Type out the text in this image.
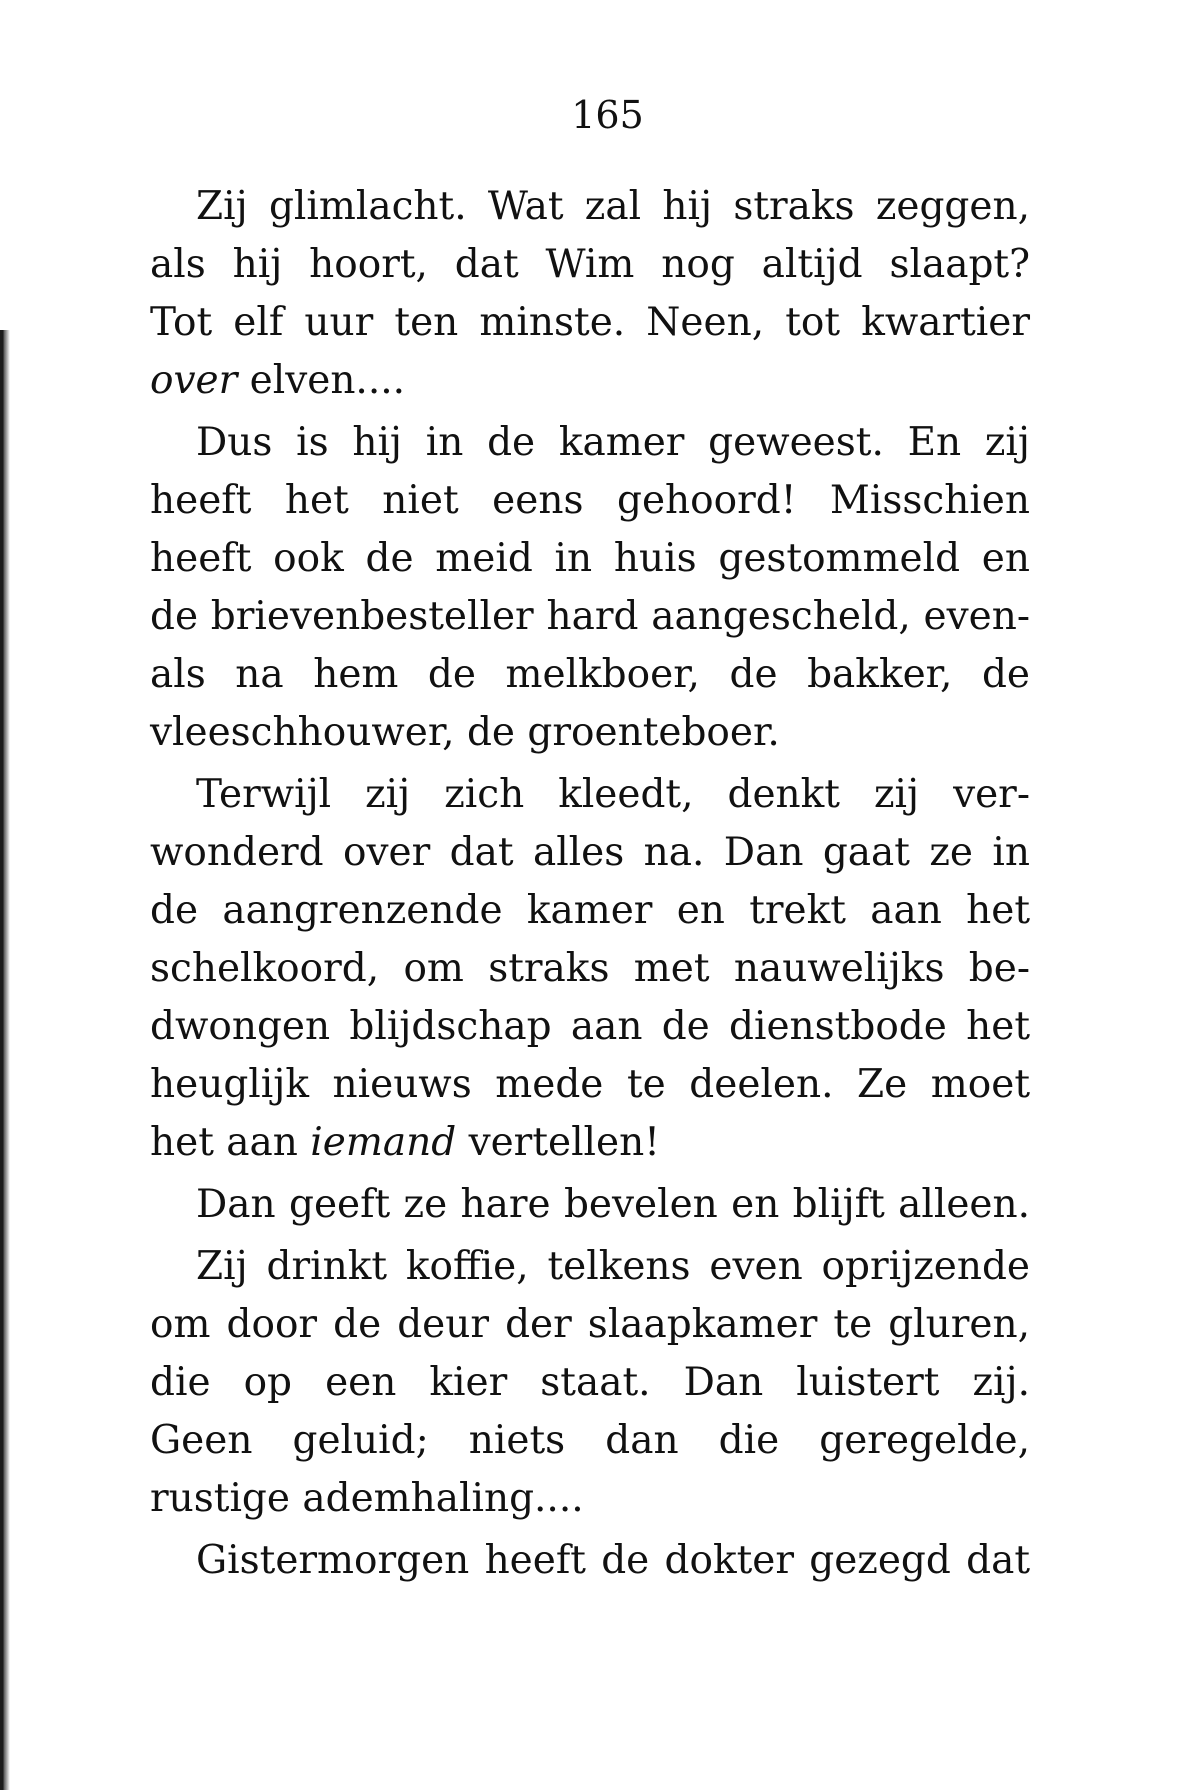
165
Zij glimlacht. Wat zal hij straks zeggen,
als hij hoort, dat Wim nog altijd slaapt?
Tot elf uur ten minste. Neen, tot kwartier
over elven....
Dus is hij in de kamer geweest. En zij
heeft het niet eens gehoord! Misschien
heeft ook de meid in huis gestommeld en
de brievenbesteller hard aangescheld, even-
als na hem de melkboer, de bakker, de
vleeschhouwer, de groenteboer.
Terwijl zij zich kleedt, denkt zij ver-
wonderd over dat alles na. Dan gaat ze in
de aangrenzende kamer en trekt aan het
schelkoord, om straks met nauwelijks be-
dwongen blijdschap aan de dienstbode het
heuglijk nieuws mede te deelen. Ze moet
het aan iemand vertellen!
Dan geeft ze hare bevelen en blijft alleen.
Zij drinkt koffie, telkens even oprijzende
om door de deur der slaapkamer te gluren,
die op een kier staat. Dan luistert zij.
Geen geluid; niets dan die geregelde,
rustige ademhaling....
Gistermorgen heeft de dokter gezegd dat
